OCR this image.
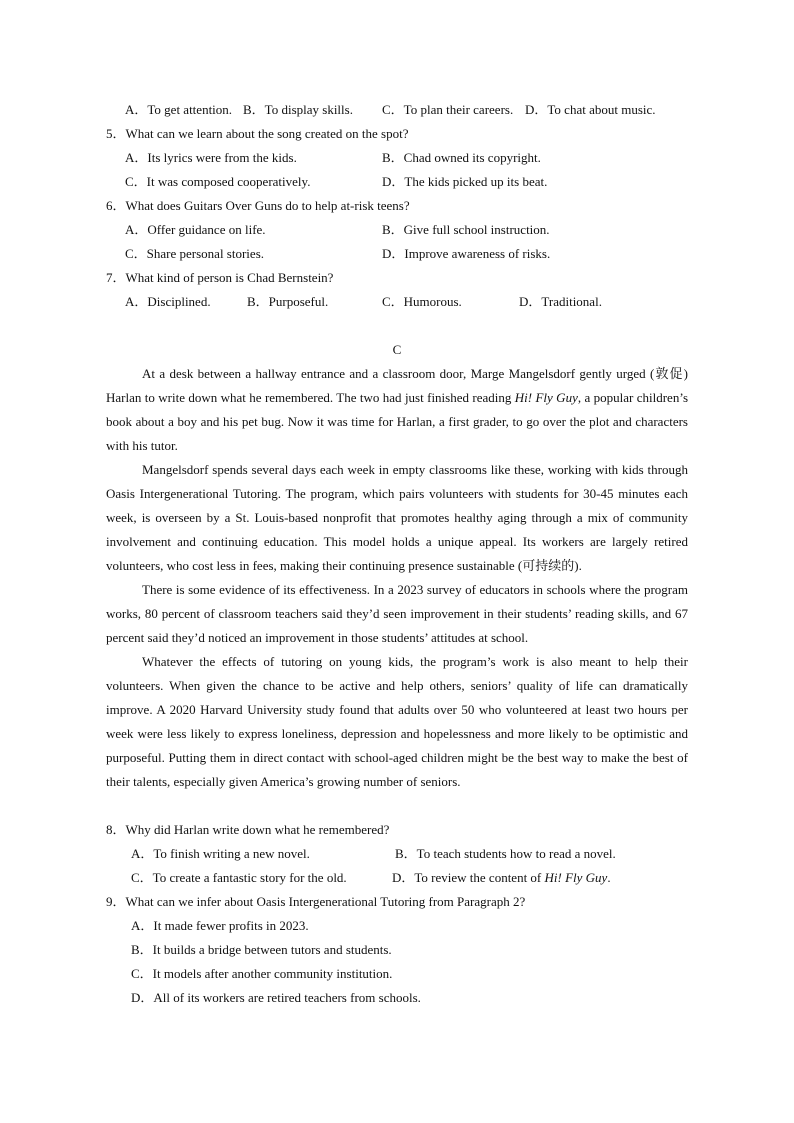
A．To get attention. B．To display skills. C．To plan their careers. D．To chat about music.
5．What can we learn about the song created on the spot?
A．Its lyrics were from the kids.	B．Chad owned its copyright.
C．It was composed cooperatively.	D．The kids picked up its beat.
6．What does Guitars Over Guns do to help at-risk teens?
A．Offer guidance on life.	B．Give full school instruction.
C．Share personal stories.	D．Improve awareness of risks.
7．What kind of person is Chad Bernstein?
A．Disciplined.	B．Purposeful.	C．Humorous.	D．Traditional.
C

At a desk between a hallway entrance and a classroom door, Marge Mangelsdorf gently urged (敦促) Harlan to write down what he remembered. The two had just finished reading Hi! Fly Guy, a popular children’s book about a boy and his pet bug. Now it was time for Harlan, a first grader, to go over the plot and characters with his tutor.

Mangelsdorf spends several days each week in empty classrooms like these, working with kids through Oasis Intergenerational Tutoring. The program, which pairs volunteers with students for 30-45 minutes each week, is overseen by a St. Louis-based nonprofit that promotes healthy aging through a mix of community involvement and continuing education. This model holds a unique appeal. Its workers are largely retired volunteers, who cost less in fees, making their continuing presence sustainable (可持续的).

There is some evidence of its effectiveness. In a 2023 survey of educators in schools where the program works, 80 percent of classroom teachers said they’d seen improvement in their students’ reading skills, and 67 percent said they’d noticed an improvement in those students’ attitudes at school.

Whatever the effects of tutoring on young kids, the program’s work is also meant to help their volunteers. When given the chance to be active and help others, seniors’ quality of life can dramatically improve. A 2020 Harvard University study found that adults over 50 who volunteered at least two hours per week were less likely to express loneliness, depression and hopelessness and more likely to be optimistic and purposeful. Putting them in direct contact with school-aged children might be the best way to make the best of their talents, especially given America’s growing number of seniors.

8．Why did Harlan write down what he remembered?
A．To finish writing a new novel.	B．To teach students how to read a novel.
C．To create a fantastic story for the old.	D．To review the content of Hi! Fly Guy.
9．What can we infer about Oasis Intergenerational Tutoring from Paragraph 2?
A．It made fewer profits in 2023.
B．It builds a bridge between tutors and students.
C．It models after another community institution.
D．All of its workers are retired teachers from schools.
